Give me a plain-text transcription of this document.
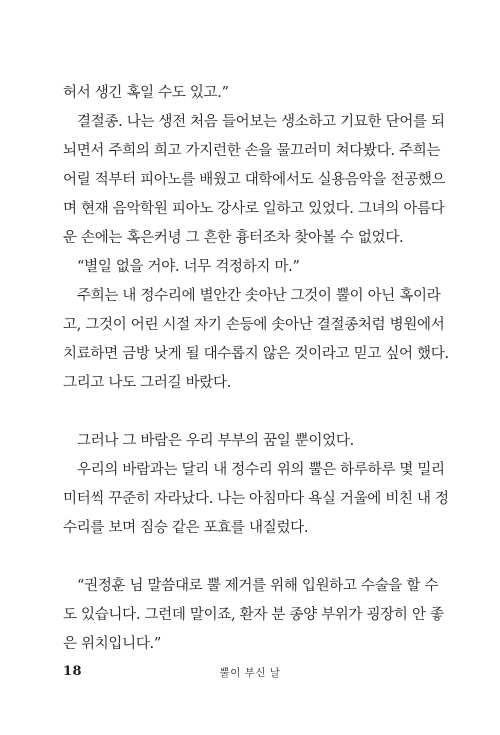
허서 생긴 혹일 수도 있고.”
결절종. 나는 생전 처음 들어보는 생소하고 기묘한 단어를 되
뇌면서 주희의 희고 가지런한 손을 물끄러미 쳐다봤다. 주희는
어릴 적부터 피아노를 배웠고 대학에서도 실용음악을 전공했으
며 현재 음악학원 피아노 강사로 일하고 있었다. 그녀의 아름다
운 손에는 혹은커녕 그 흔한 흉터조차 찾아볼 수 없었다.
“별일 없을 거야. 너무 걱정하지 마.”
주희는 내 정수리에 별안간 솟아난 그것이 뿔이 아닌 혹이라
고, 그것이 어린 시절 자기 손등에 솟아난 결절종처럼 병원에서
치료하면 금방 낫게 될 대수롭지 않은 것이라고 믿고 싶어 했다.
그리고 나도 그러길 바랐다.
그러나 그 바람은 우리 부부의 꿈일 뿐이었다.
우리의 바람과는 달리 내 정수리 위의 뿔은 하루하루 몇 밀리
미터씩 꾸준히 자라났다. 나는 아침마다 욕실 거울에 비친 내 정
수리를 보며 짐승 같은 포효를 내질렀다.
“권정훈 님 말씀대로 뿔 제거를 위해 입원하고 수술을 할 수
도 있습니다. 그런데 말이죠, 환자 분 종양 부위가 굉장히 안 좋
은 위치입니다.”
18	뿔이 부신 날
